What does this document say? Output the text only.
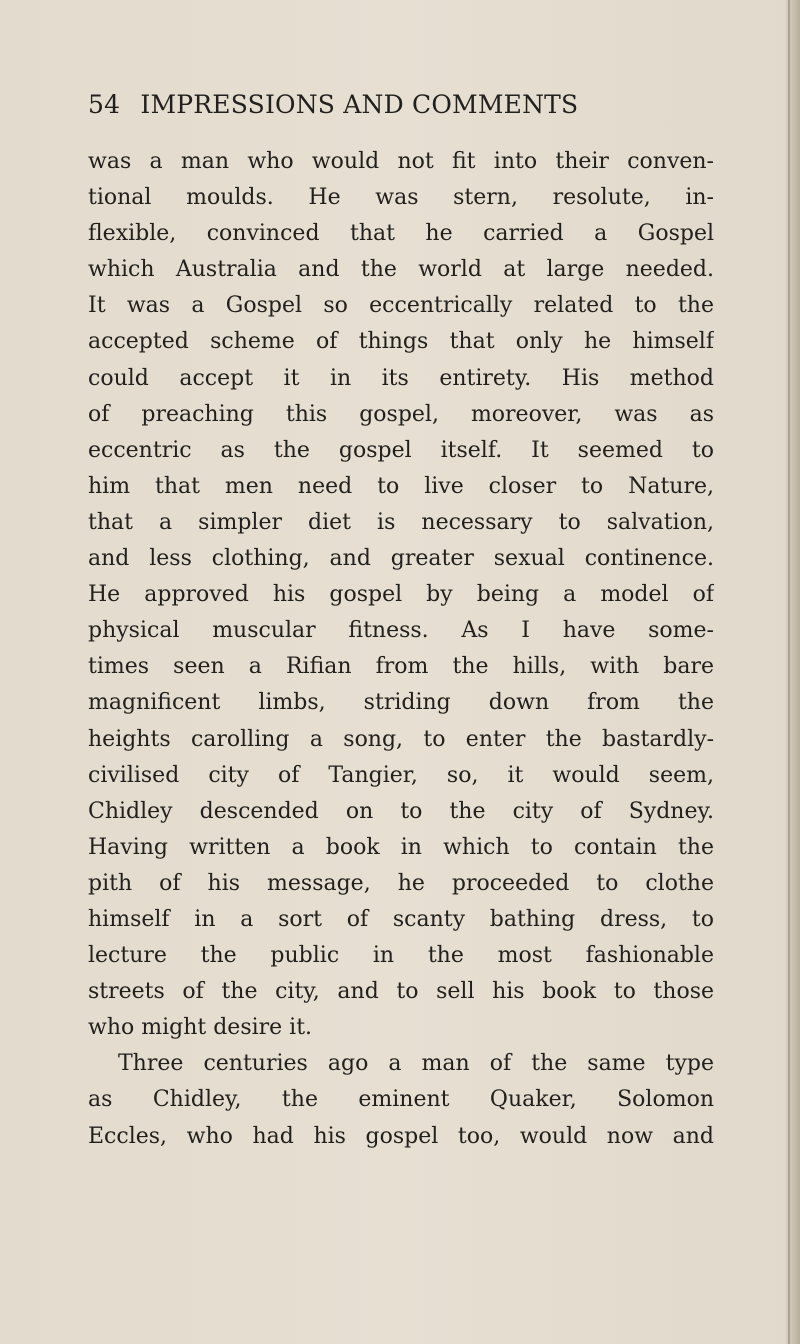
54 IMPRESSIONS AND COMMENTS
was a man who would not fit into their conven-
tional moulds. He was stern, resolute, in-
flexible, convinced that he carried a Gospel
which Australia and the world at large needed.
It was a Gospel so eccentrically related to the
accepted scheme of things that only he himself
could accept it in its entirety. His method
of preaching this gospel, moreover, was as
eccentric as the gospel itself. It seemed to
him that men need to live closer to Nature,
that a simpler diet is necessary to salvation,
and less clothing, and greater sexual continence.
He approved his gospel by being a model of
physical muscular fitness. As I have some-
times seen a Rifian from the hills, with bare
magnificent limbs, striding down from the
heights carolling a song, to enter the bastardly-
civilised city of Tangier, so, it would seem,
Chidley descended on to the city of Sydney.
Having written a book in which to contain the
pith of his message, he proceeded to clothe
himself in a sort of scanty bathing dress, to
lecture the public in the most fashionable
streets of the city, and to sell his book to those
who might desire it.
Three centuries ago a man of the same type
as Chidley, the eminent Quaker, Solomon
Eccles, who had his gospel too, would now and
